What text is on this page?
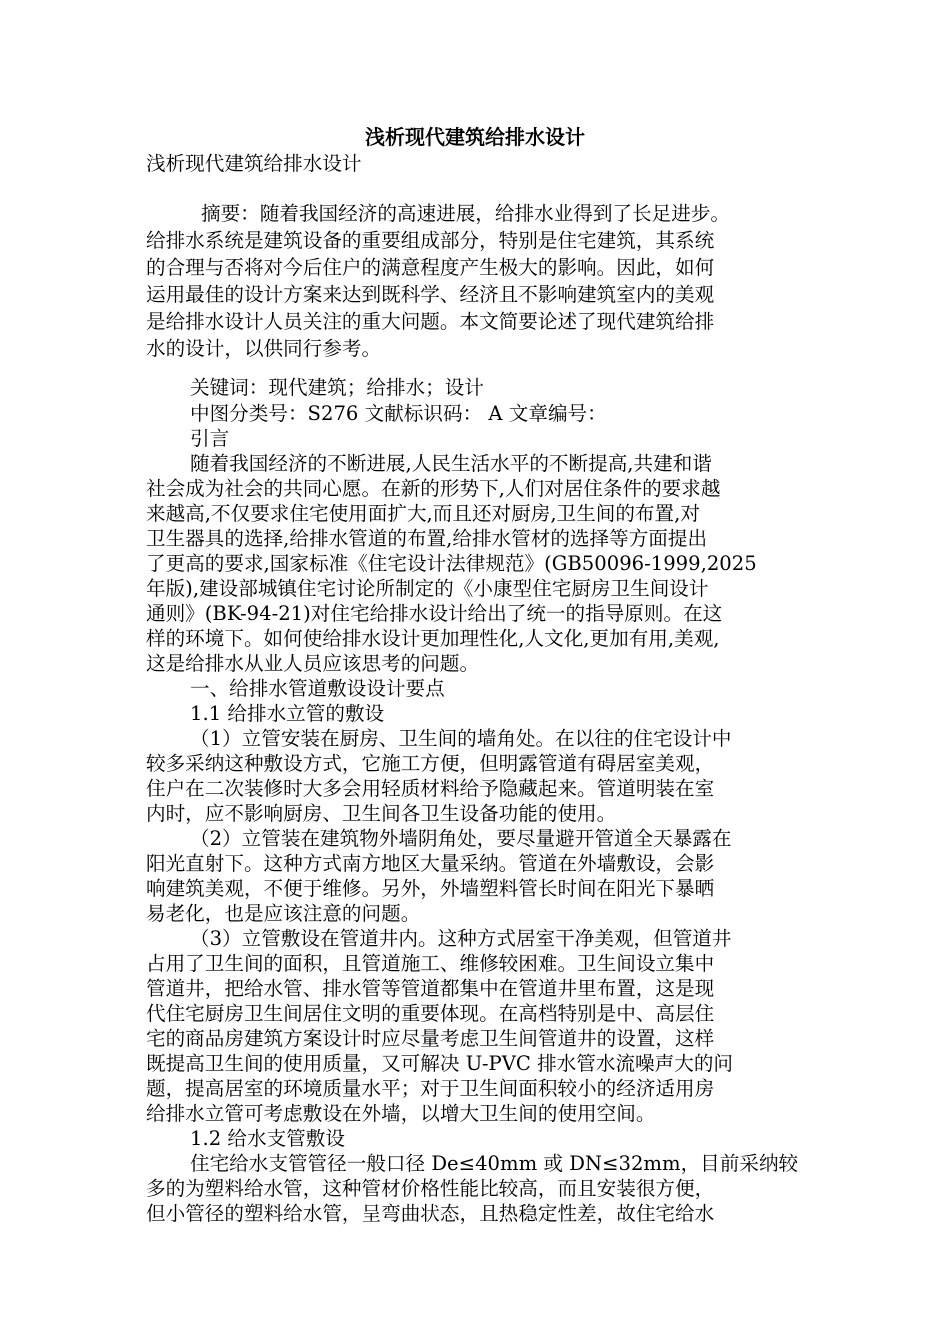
浅析现代建筑给排水设计
浅析现代建筑给排水设计
摘要：随着我国经济的高速进展，给排水业得到了长足进步。
给排水系统是建筑设备的重要组成部分，特别是住宅建筑，其系统
的合理与否将对今后住户的满意程度产生极大的影响。因此，如何
运用最佳的设计方案来达到既科学、经济且不影响建筑室内的美观
是给排水设计人员关注的重大问题。本文简要论述了现代建筑给排
水的设计，以供同行参考。
关键词：现代建筑；给排水；设计
中图分类号：S276 文献标识码： A 文章编号：
引言
随着我国经济的不断进展,人民生活水平的不断提高,共建和谐
社会成为社会的共同心愿。在新的形势下,人们对居住条件的要求越
来越高,不仅要求住宅使用面扩大,而且还对厨房,卫生间的布置,对
卫生器具的选择,给排水管道的布置,给排水管材的选择等方面提出
了更高的要求,国家标准《住宅设计法律规范》(GB50096-1999,2025
年版),建设部城镇住宅讨论所制定的《小康型住宅厨房卫生间设计
通则》(BK-94-21)对住宅给排水设计给出了统一的指导原则。在这
样的环境下。如何使给排水设计更加理性化,人文化,更加有用,美观,
这是给排水从业人员应该思考的问题。
一、给排水管道敷设设计要点
1.1 给排水立管的敷设
（1）立管安装在厨房、卫生间的墙角处。在以往的住宅设计中
较多采纳这种敷设方式，它施工方便，但明露管道有碍居室美观，
住户在二次装修时大多会用轻质材料给予隐藏起来。管道明装在室
内时，应不影响厨房、卫生间各卫生设备功能的使用。
（2）立管装在建筑物外墙阴角处，要尽量避开管道全天暴露在
阳光直射下。这种方式南方地区大量采纳。管道在外墙敷设，会影
响建筑美观，不便于维修。另外，外墙塑料管长时间在阳光下暴晒
易老化，也是应该注意的问题。
（3）立管敷设在管道井内。这种方式居室干净美观，但管道井
占用了卫生间的面积，且管道施工、维修较困难。卫生间设立集中
管道井，把给水管、排水管等管道都集中在管道井里布置，这是现
代住宅厨房卫生间居住文明的重要体现。在高档特别是中、高层住
宅的商品房建筑方案设计时应尽量考虑卫生间管道井的设置，这样
既提高卫生间的使用质量，又可解决 U-PVC 排水管水流噪声大的问
题，提高居室的环境质量水平；对于卫生间面积较小的经济适用房
给排水立管可考虑敷设在外墙，以增大卫生间的使用空间。
1.2 给水支管敷设
住宅给水支管管径一般口径 De≤40mm 或 DN≤32mm，目前采纳较
多的为塑料给水管，这种管材价格性能比较高，而且安装很方便，
但小管径的塑料给水管，呈弯曲状态，且热稳定性差，故住宅给水
